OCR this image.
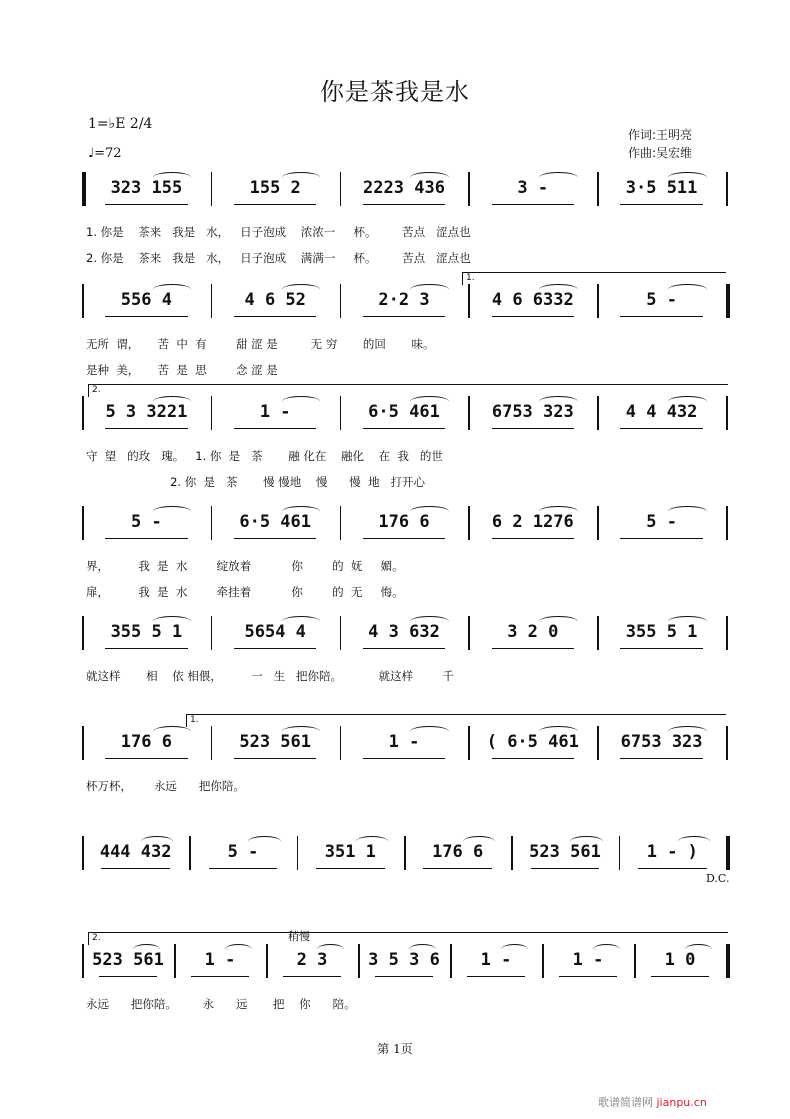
你是茶我是水
1=♭E 2/4
♩=72
作词:王明亮
作曲:吴宏维
323 155	155 2	2223 436	3 -	3·5 511
1. 你是    茶来   我是   水，   日子泡成    浓浓一     杯。       苦点   涩点也
2. 你是    茶来   我是   水，   日子泡成    满满一     杯。       苦点   涩点也
556 4	4 6 52	2·2 3	4 6 6332	5 -
1.
无所  谓，     苦  中  有        甜 涩 是         无 穷       的回       味。
是种  美，     苦  是  思        念 涩 是
5 3 3221	1 -	6·5 461	6753 323	4 4 432
2.
守  望   的玫   瑰。   1. 你  是   茶       融 化在    融化    在  我   的世
2. 你  是   茶       慢 慢地    慢      慢  地   打开心
5 -	6·5 461	176 6	6 2 1276	5 -
界，        我  是  水        绽放着           你        的  妩     媚。
扉，        我  是  水        牵挂着           你        的  无     悔。
355 5 1	5654 4	4 3 632	3 2 0	355 5 1
就这样       相    依 相偎，        一   生   把你陪。          就这样        千
176 6	523 561	1 -	( 6·5 461	6753 323
1.
杯万杯，      永远      把你陪。
444 432	5 -	351 1	176 6	523 561	1 - )
523 561	1 -	2 3	3 5 3 6	1 -	1 -	1 0
2.
永远      把你陪。       永      远       把    你      陪。
D.C.
稍慢
第 1页
歌谱简谱网 jianpu.cn
